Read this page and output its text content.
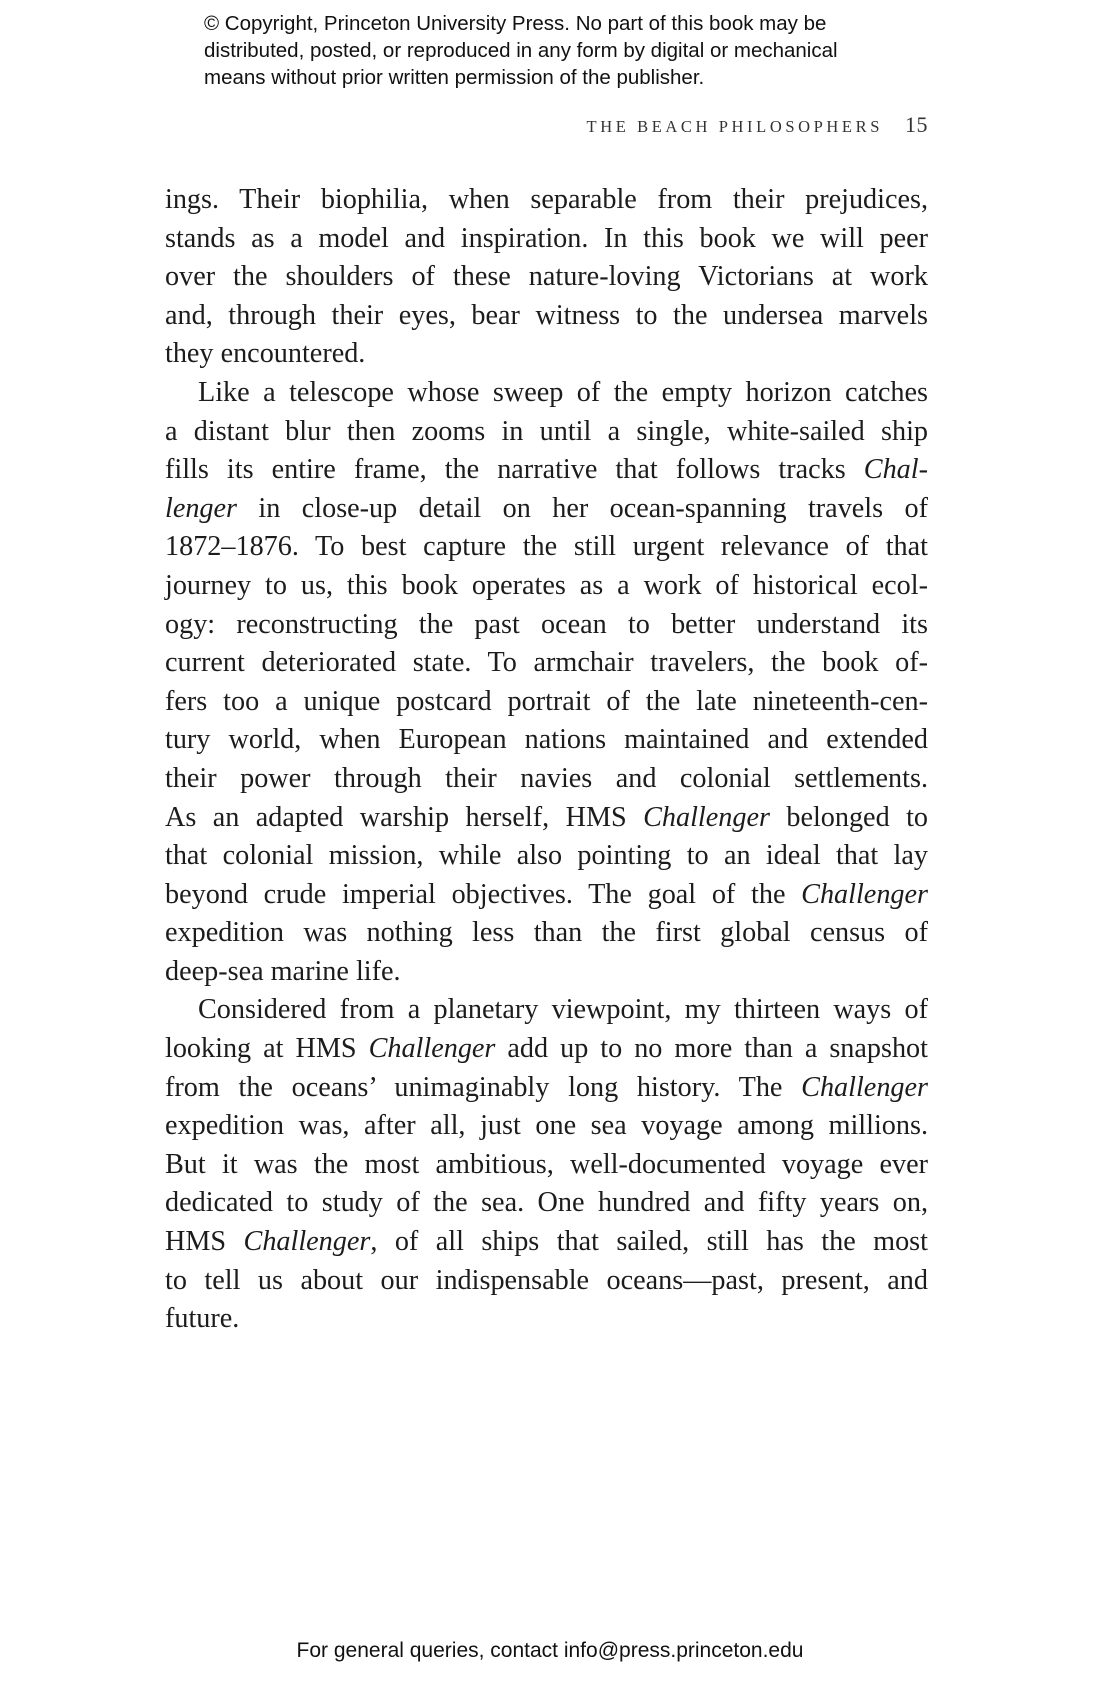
© Copyright, Princeton University Press. No part of this book may be
distributed, posted, or reproduced in any form by digital or mechanical
means without prior written permission of the publisher.
THE BEACH PHILOSOPHERS 15
ings. Their biophilia, when separable from their prejudices,
stands as a model and inspiration. In this book we will peer
over the shoulders of these nature-loving Victorians at work
and, through their eyes, bear witness to the undersea marvels
they encountered.
Like a telescope whose sweep of the empty horizon catches
a distant blur then zooms in until a single, white-sailed ship
fills its entire frame, the narrative that follows tracks Chal-
lenger in close-up detail on her ocean-spanning travels of
1872–1876. To best capture the still urgent relevance of that
journey to us, this book operates as a work of historical ecol-
ogy: reconstructing the past ocean to better understand its
current deteriorated state. To armchair travelers, the book of-
fers too a unique postcard portrait of the late nineteenth-cen-
tury world, when European nations maintained and extended
their power through their navies and colonial settlements.
As an adapted warship herself, HMS Challenger belonged to
that colonial mission, while also pointing to an ideal that lay
beyond crude imperial objectives. The goal of the Challenger
expedition was nothing less than the first global census of
deep-sea marine life.
Considered from a planetary viewpoint, my thirteen ways of
looking at HMS Challenger add up to no more than a snapshot
from the oceans’ unimaginably long history. The Challenger
expedition was, after all, just one sea voyage among millions.
But it was the most ambitious, well-documented voyage ever
dedicated to study of the sea. One hundred and fifty years on,
HMS Challenger, of all ships that sailed, still has the most
to tell us about our indispensable oceans—past, present, and
future.
For general queries, contact info@press.princeton.edu
